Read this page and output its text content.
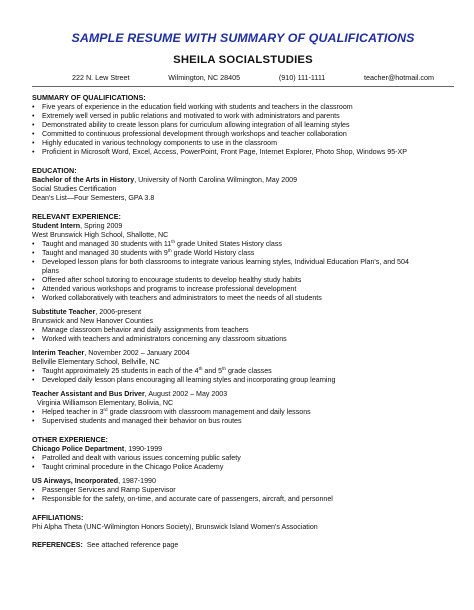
SAMPLE RESUME WITH SUMMARY OF QUALIFICATIONS
SHEILA SOCIALSTUDIES
222 N. Lew Street	Wilmington, NC 28405	(910) 111-1111	teacher@hotmail.com
SUMMARY OF QUALIFICATIONS:
• Five years of experience in the education field working with students and teachers in the classroom
• Extremely well versed in public relations and motivated to work with administrators and parents
• Demonstrated ability to create lesson plans for curriculum allowing integration of all learning styles
• Committed to continuous professional development through workshops and teacher collaboration
• Highly educated in various technology components to use in the classroom
• Proficient in Microsoft Word, Excel, Access, PowerPoint, Front Page, Internet Explorer, Photo Shop, Windows 95-XP
EDUCATION:

Bachelor of the Arts in History, University of North Carolina Wilmington, May 2009

Social Studies Certification

Dean's List—Four Semesters, GPA 3.8

RELEVANT EXPERIENCE:

Student Intern, Spring 2009

West Brunswick High School, Shallotte, NC

• Taught and managed 30 students with 11th grade United States History class
• Taught and managed 30 students with 9th grade World History class
• Developed lesson plans for both classrooms to integrate various learning styles, Individual Education Plan's, and 504
plans
• Offered after school tutoring to encourage students to develop healthy study habits
• Attended various workshops and programs to increase professional development
• Worked collaboratively with teachers and administrators to meet the needs of all students

Substitute Teacher, 2006-present

Brunswick and New Hanover Counties

• Manage classroom behavior and daily assignments from teachers
• Worked with teachers and administrators concerning any classroom situations

Interim Teacher, November 2002 – January 2004

Bellville Elementary School, Bellville, NC

• Taught approximately 25 students in each of the 4th and 5th grade classes
• Developed daily lesson plans encouraging all learning styles and incorporating group learning

Teacher Assistant and Bus Driver, August 2002 – May 2003

Virginia Williamson Elementary, Bolivia, NC

• Helped teacher in 3rd grade classroom with classroom management and daily lessons
• Supervised students and managed their behavior on bus routes
OTHER EXPERIENCE:

Chicago Police Department, 1990-1999

• Patrolled and dealt with various issues concerning public safety
• Taught criminal procedure in the Chicago Police Academy

US Airways, Incorporated, 1987-1990

• Passenger Services and Ramp Supervisor
• Responsible for the safety, on-time, and accurate care of passengers, aircraft, and personnel
AFFILIATIONS:

Phi Alpha Theta (UNC-Wilmington Honors Society), Brunswick Island Women's Association

REFERENCES: See attached reference page
